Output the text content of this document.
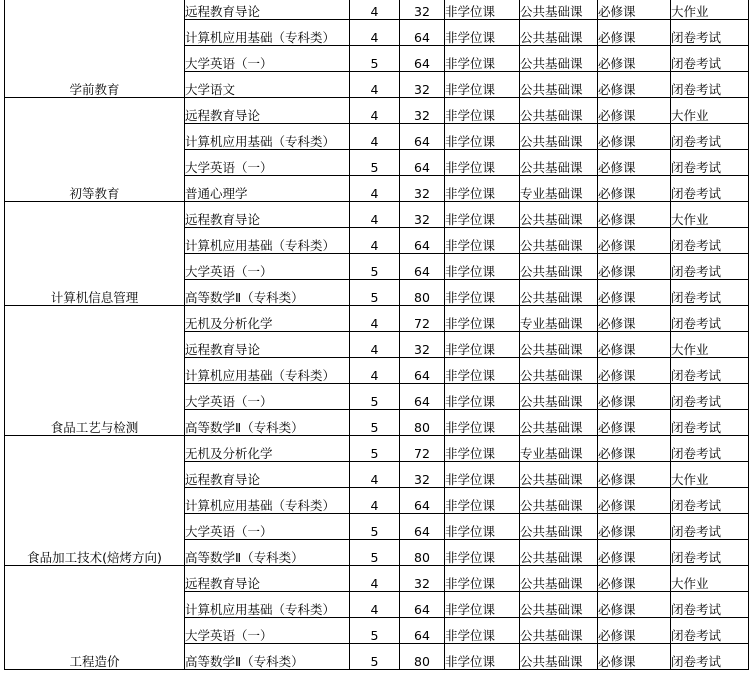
学前教育	远程教育导论	4	32	非学位课	公共基础课	必修课	大作业
	计算机应用基础（专科类）	4	64	非学位课	公共基础课	必修课	闭卷考试
	大学英语（一）	5	64	非学位课	公共基础课	必修课	闭卷考试
	大学语文	4	32	非学位课	公共基础课	必修课	闭卷考试
初等教育	远程教育导论	4	32	非学位课	公共基础课	必修课	大作业
	计算机应用基础（专科类）	4	64	非学位课	公共基础课	必修课	闭卷考试
	大学英语（一）	5	64	非学位课	公共基础课	必修课	闭卷考试
	普通心理学	4	32	非学位课	专业基础课	必修课	闭卷考试
计算机信息管理	远程教育导论	4	32	非学位课	公共基础课	必修课	大作业
	计算机应用基础（专科类）	4	64	非学位课	公共基础课	必修课	闭卷考试
	大学英语（一）	5	64	非学位课	公共基础课	必修课	闭卷考试
	高等数学Ⅱ（专科类）	5	80	非学位课	公共基础课	必修课	闭卷考试
食品工艺与检测	无机及分析化学	4	72	非学位课	专业基础课	必修课	闭卷考试
	远程教育导论	4	32	非学位课	公共基础课	必修课	大作业
	计算机应用基础（专科类）	4	64	非学位课	公共基础课	必修课	闭卷考试
	大学英语（一）	5	64	非学位课	公共基础课	必修课	闭卷考试
	高等数学Ⅱ（专科类）	5	80	非学位课	公共基础课	必修课	闭卷考试
食品加工技术(焙烤方向)	无机及分析化学	5	72	非学位课	专业基础课	必修课	闭卷考试
	远程教育导论	4	32	非学位课	公共基础课	必修课	大作业
	计算机应用基础（专科类）	4	64	非学位课	公共基础课	必修课	闭卷考试
	大学英语（一）	5	64	非学位课	公共基础课	必修课	闭卷考试
	高等数学Ⅱ（专科类）	5	80	非学位课	公共基础课	必修课	闭卷考试
工程造价	远程教育导论	4	32	非学位课	公共基础课	必修课	大作业
	计算机应用基础（专科类）	4	64	非学位课	公共基础课	必修课	闭卷考试
	大学英语（一）	5	64	非学位课	公共基础课	必修课	闭卷考试
	高等数学Ⅱ（专科类）	5	80	非学位课	公共基础课	必修课	闭卷考试
